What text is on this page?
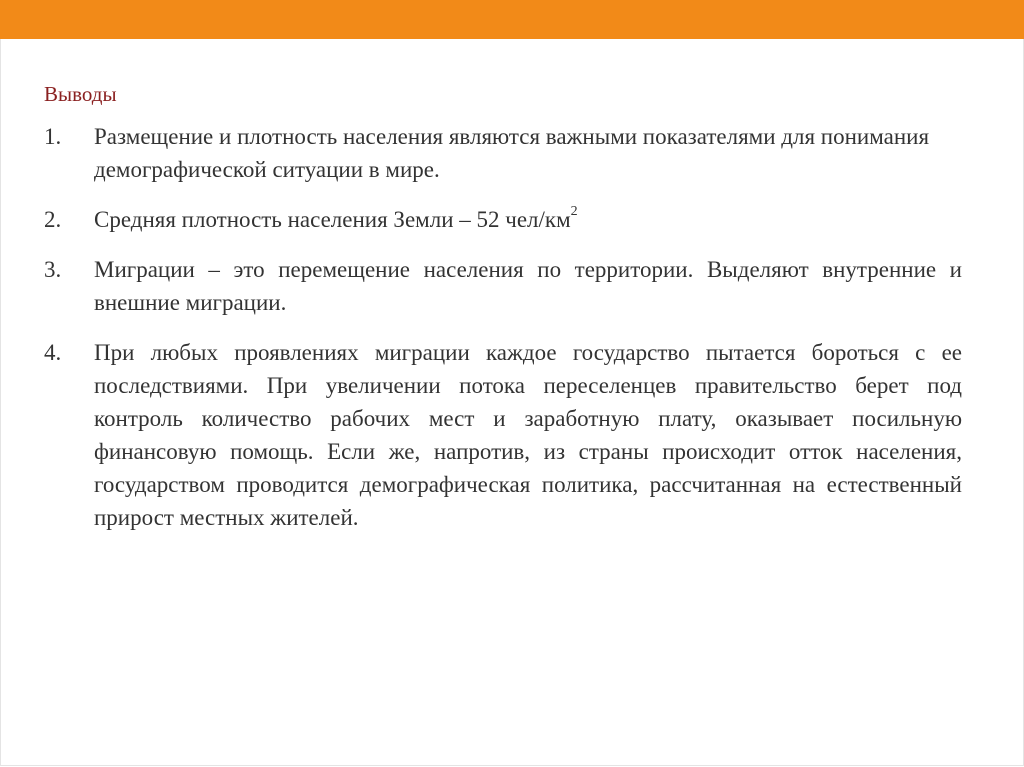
Выводы
1.	Размещение и плотность населения являются важными показателями для понимания демографической ситуации в мире.
2.	Средняя плотность населения Земли – 52 чел/$км^2$
3.	Миграции – это перемещение населения по территории. Выделяют внутренние и внешние миграции.
4.	При любых проявлениях миграции каждое государство пытается бороться с ее последствиями. При увеличении потока переселенцев правительство берет под контроль количество рабочих мест и заработную плату, оказывает посильную финансовую помощь. Если же, напротив, из страны происходит отток населения, государством проводится демографическая политика, рассчитанная на естественный прирост местных жителей.
